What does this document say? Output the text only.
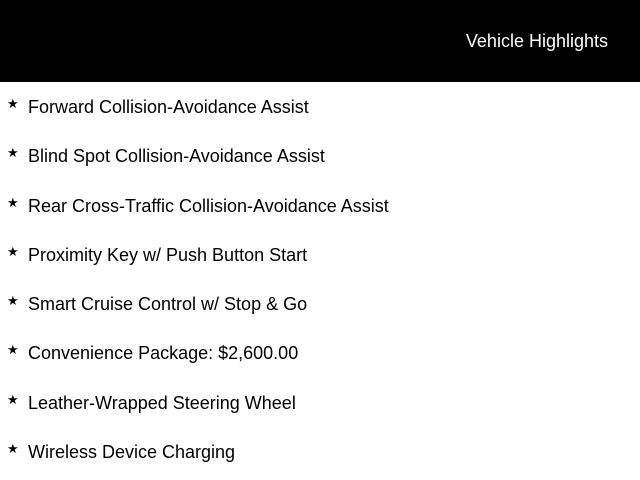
Vehicle Highlights
★ Forward Collision-Avoidance Assist
★ Blind Spot Collision-Avoidance Assist
★ Rear Cross-Traffic Collision-Avoidance Assist
★ Proximity Key w/ Push Button Start
★ Smart Cruise Control w/ Stop & Go
★ Convenience Package: $2,600.00
★ Leather-Wrapped Steering Wheel
★ Wireless Device Charging
